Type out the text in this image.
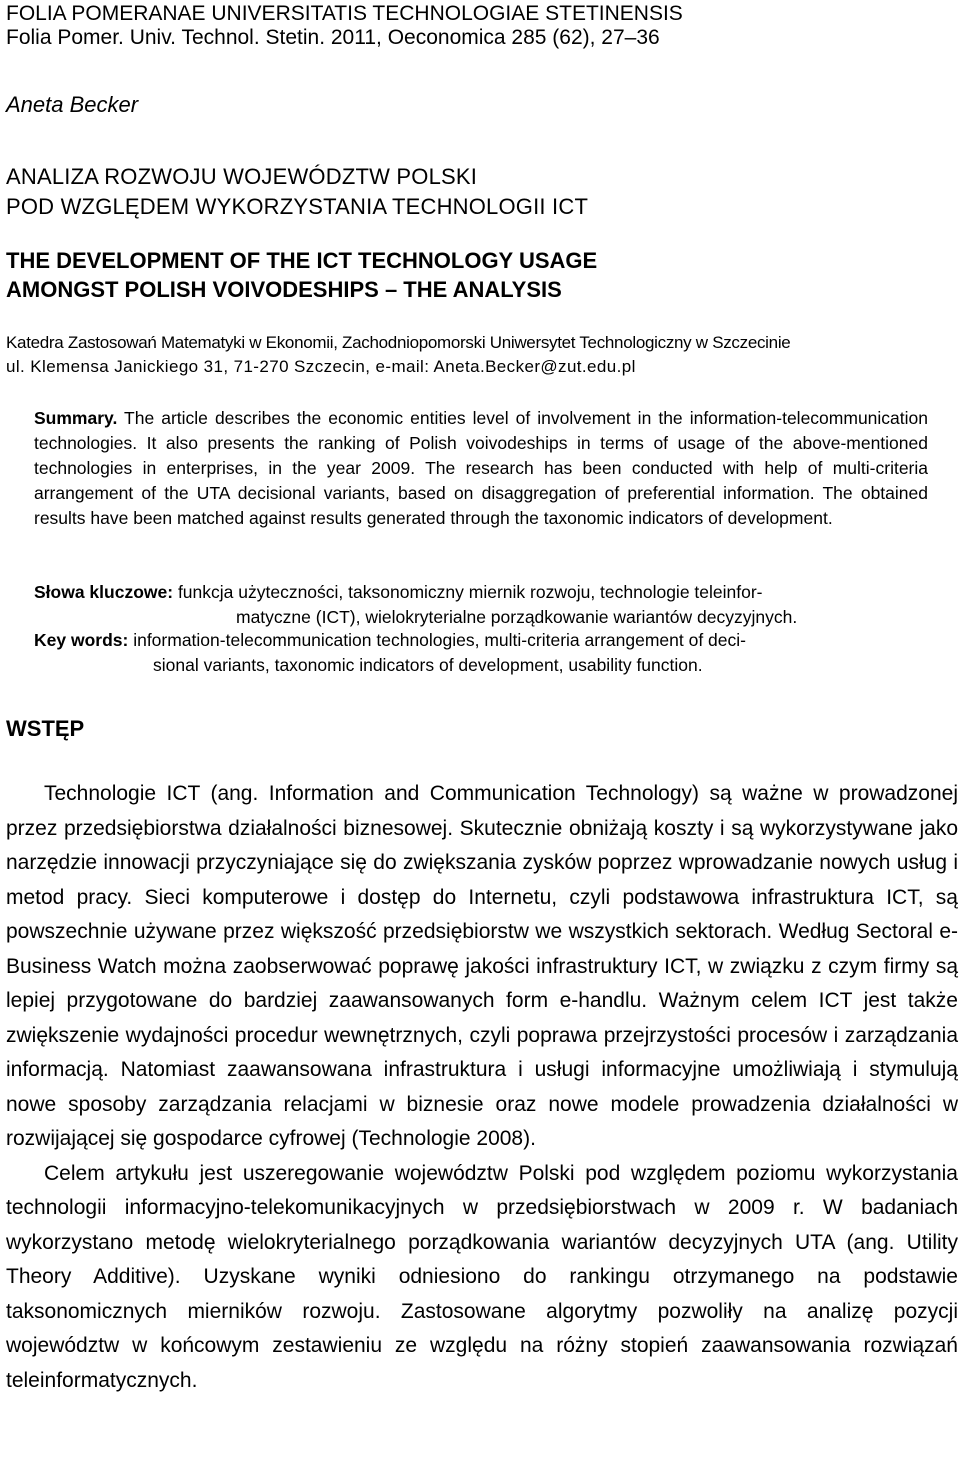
FOLIA POMERANAE UNIVERSITATIS TECHNOLOGIAE STETINENSIS
Folia Pomer. Univ. Technol. Stetin. 2011, Oeconomica 285 (62), 27–36
Aneta Becker
ANALIZA ROZWOJU WOJEWÓDZTW POLSKI
POD WZGLĘDEM WYKORZYSTANIA TECHNOLOGII ICT
THE DEVELOPMENT OF THE ICT TECHNOLOGY USAGE
AMONGST POLISH VOIVODESHIPS – THE ANALYSIS
Katedra Zastosowań Matematyki w Ekonomii, Zachodniopomorski Uniwersytet Technologiczny w Szczecinie
ul. Klemensa Janickiego 31, 71-270 Szczecin, e-mail: Aneta.Becker@zut.edu.pl
Summary. The article describes the economic entities level of involvement in the information-telecommunication technologies. It also presents the ranking of Polish voivodeships in terms of usage of the above-mentioned technologies in enterprises, in the year 2009. The research has been conducted with help of multi-criteria arrangement of the UTA decisional variants, based on disaggregation of preferential information. The obtained results have been matched against results generated through the taxonomic indicators of development.
Słowa kluczowe:
funkcja użyteczności, taksonomiczny miernik rozwoju, technologie teleinfor-
matyczne (ICT), wielokryterialne porządkowanie wariantów decyzyjnych.
Key words:
information-telecommunication technologies, multi-criteria arrangement of deci-
sional variants, taxonomic indicators of development, usability function.
WSTĘP

Technologie ICT (ang. Information and Communication Technology) są ważne w prowadzonej przez przedsiębiorstwa działalności biznesowej. Skutecznie obniżają koszty i są wykorzystywane jako narzędzie innowacji przyczyniające się do zwiększania zysków poprzez wprowadzanie nowych usług i metod pracy. Sieci komputerowe i dostęp do Internetu, czyli podstawowa infrastruktura ICT, są powszechnie używane przez większość przedsiębiorstw we wszystkich sektorach. Według Sectoral e-Business Watch można zaobserwować poprawę jakości infrastruktury ICT, w związku z czym firmy są lepiej przygotowane do bardziej zaawansowanych form e-handlu. Ważnym celem ICT jest także zwiększenie wydajności procedur wewnętrznych, czyli poprawa przejrzystości procesów i zarządzania informacją. Natomiast zaawansowana infrastruktura i usługi informacyjne umożliwiają i stymulują nowe sposoby zarządzania relacjami w biznesie oraz nowe modele prowadzenia działalności w rozwijającej się gospodarce cyfrowej (Technologie 2008).

Celem artykułu jest uszeregowanie województw Polski pod względem poziomu wykorzystania technologii informacyjno-telekomunikacyjnych w przedsiębiorstwach w 2009 r. W badaniach wykorzystano metodę wielokryterialnego porządkowania wariantów decyzyjnych UTA (ang. Utility Theory Additive). Uzyskane wyniki odniesiono do rankingu otrzymanego na podstawie taksonomicznych mierników rozwoju. Zastosowane algorytmy pozwoliły na analizę pozycji województw w końcowym zestawieniu ze względu na różny stopień zaawansowania rozwiązań teleinformatycznych.
